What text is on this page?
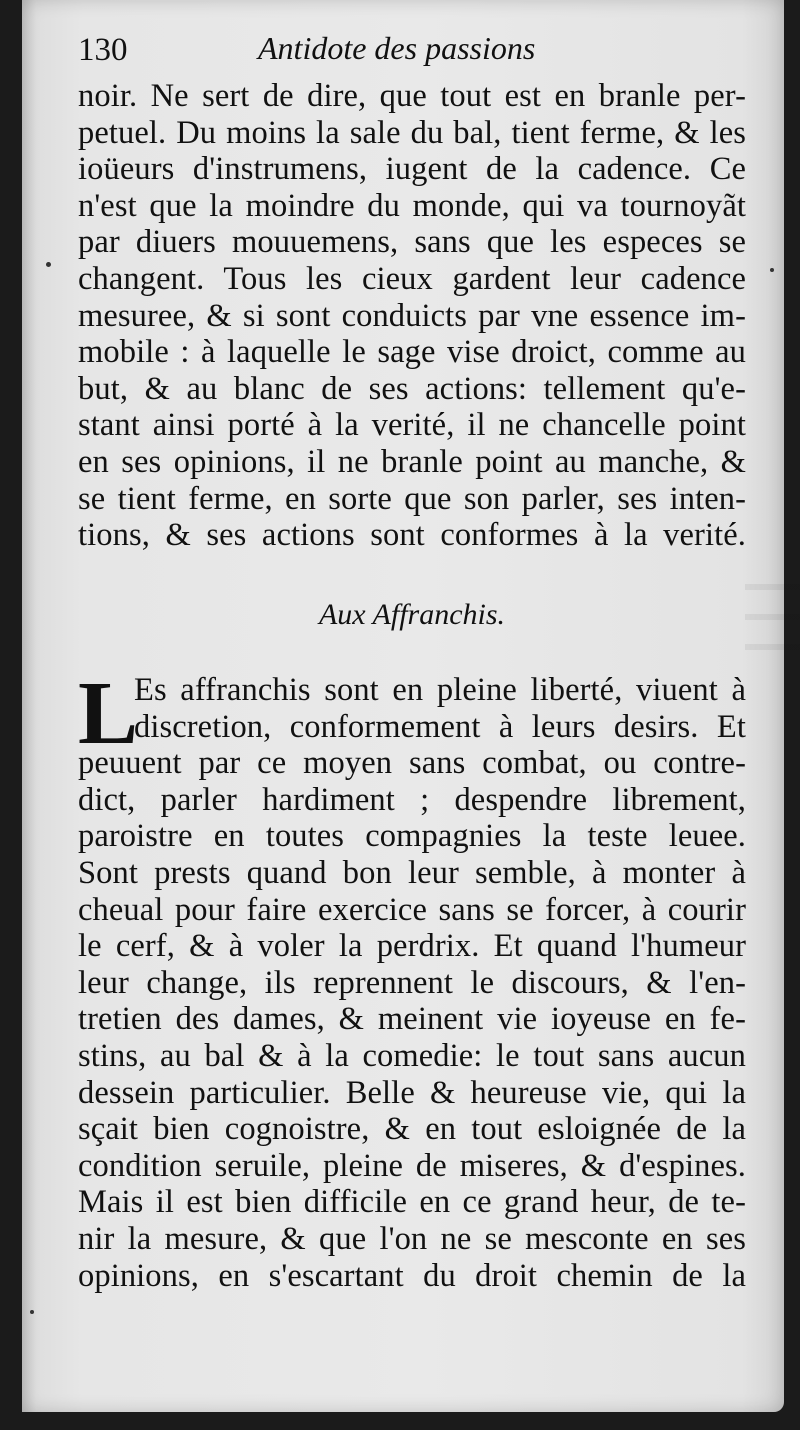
130	Antidote des passions
noir. Ne sert de dire, que tout est en branle per-
petuel. Du moins la sale du bal, tient ferme, & les
ioüeurs d'instrumens, iugent de la cadence. Ce
n'est que la moindre du monde, qui va tournoyãt
par diuers mouuemens, sans que les especes se
changent. Tous les cieux gardent leur cadence
mesuree, & si sont conduicts par vne essence im-
mobile : à laquelle le sage vise droict, comme au
but, & au blanc de ses actions: tellement qu'e-
stant ainsi porté à la verité, il ne chancelle point
en ses opinions, il ne branle point au manche, &
se tient ferme, en sorte que son parler, ses inten-
tions, & ses actions sont conformes à la verité.
Aux Affranchis.
L
Es affranchis sont en pleine liberté, viuent à
discretion, conformement à leurs desirs. Et
peuuent par ce moyen sans combat, ou contre-
dict, parler hardiment ; despendre librement,
paroistre en toutes compagnies la teste leuee.
Sont prests quand bon leur semble, à monter à
cheual pour faire exercice sans se forcer, à courir
le cerf, & à voler la perdrix. Et quand l'humeur
leur change, ils reprennent le discours, & l'en-
tretien des dames, & meinent vie ioyeuse en fe-
stins, au bal & à la comedie: le tout sans aucun
dessein particulier. Belle & heureuse vie, qui la
sçait bien cognoistre, & en tout esloignée de la
condition seruile, pleine de miseres, & d'espines.
Mais il est bien difficile en ce grand heur, de te-
nir la mesure, & que l'on ne se mesconte en ses
opinions, en s'escartant du droit chemin de la
